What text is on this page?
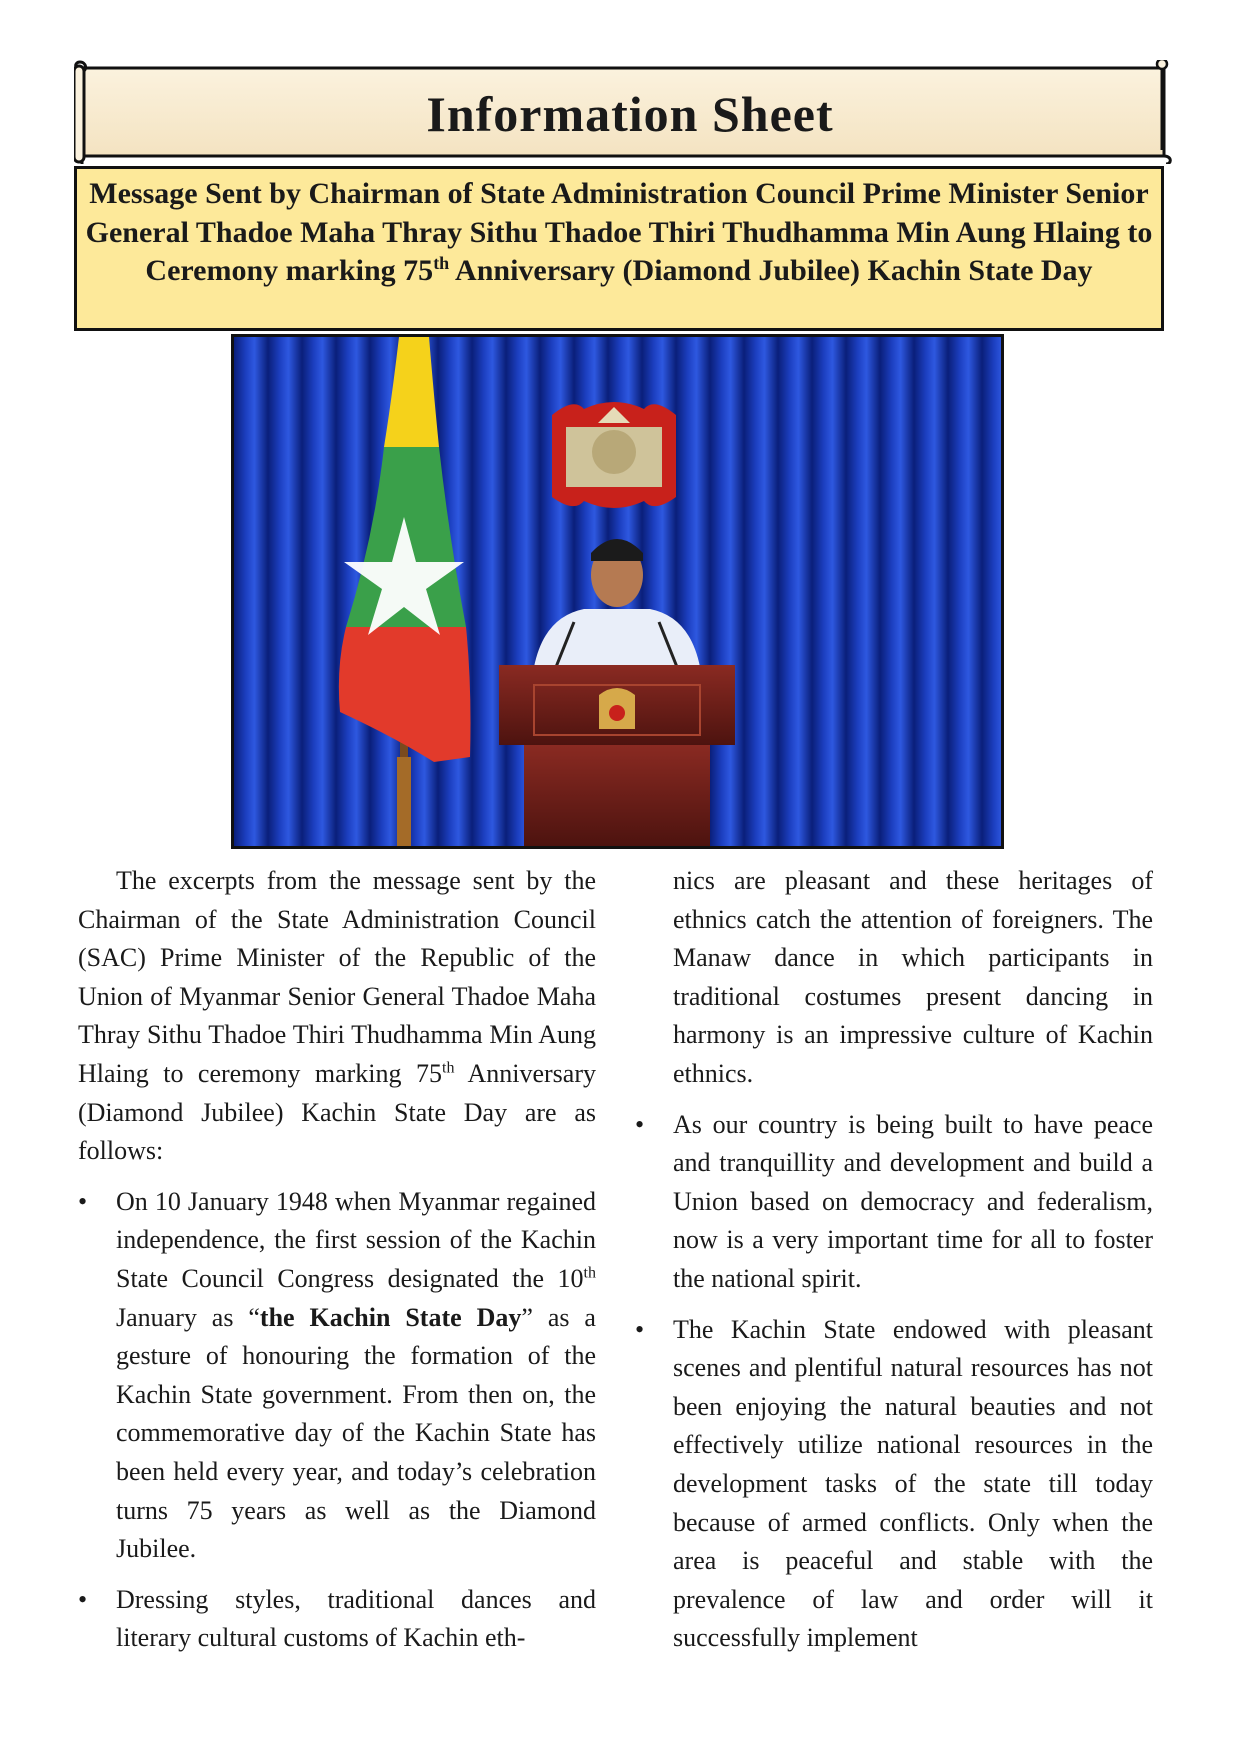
Information Sheet
Message Sent by Chairman of State Administration Council Prime Minister Senior General Thadoe Maha Thray Sithu Thadoe Thiri Thudhamma Min Aung Hlaing to Ceremony marking 75th Anniversary (Diamond Jubilee) Kachin State Day

The excerpts from the message sent by the Chairman of the State Administration Council (SAC) Prime Minister of the Republic of the Union of Myanmar Senior General Thadoe Maha Thray Sithu Thadoe Thiri Thudhamma Min Aung Hlaing to ceremony marking 75th Anniversary (Diamond Jubilee) Kachin State Day are as follows:

• On 10 January 1948 when Myanmar regained independence, the first session of the Kachin State Council Congress designated the 10th January as “the Kachin State Day” as a gesture of honouring the formation of the Kachin State government. From then on, the commemorative day of the Kachin State has been held every year, and today’s celebration turns 75 years as well as the Diamond Jubilee.
• Dressing styles, traditional dances and literary cultural customs of Kachin eth-
nics are pleasant and these heritages of ethnics catch the attention of foreigners. The Manaw dance in which participants in traditional costumes present dancing in harmony is an impressive culture of Kachin ethnics.
• As our country is being built to have peace and tranquillity and development and build a Union based on democracy and federalism, now is a very important time for all to foster the national spirit.
• The Kachin State endowed with pleasant scenes and plentiful natural resources has not been enjoying the natural beauties and not effectively utilize national resources in the development tasks of the state till today because of armed conflicts. Only when the area is peaceful and stable with the prevalence of law and order will it successfully implement
